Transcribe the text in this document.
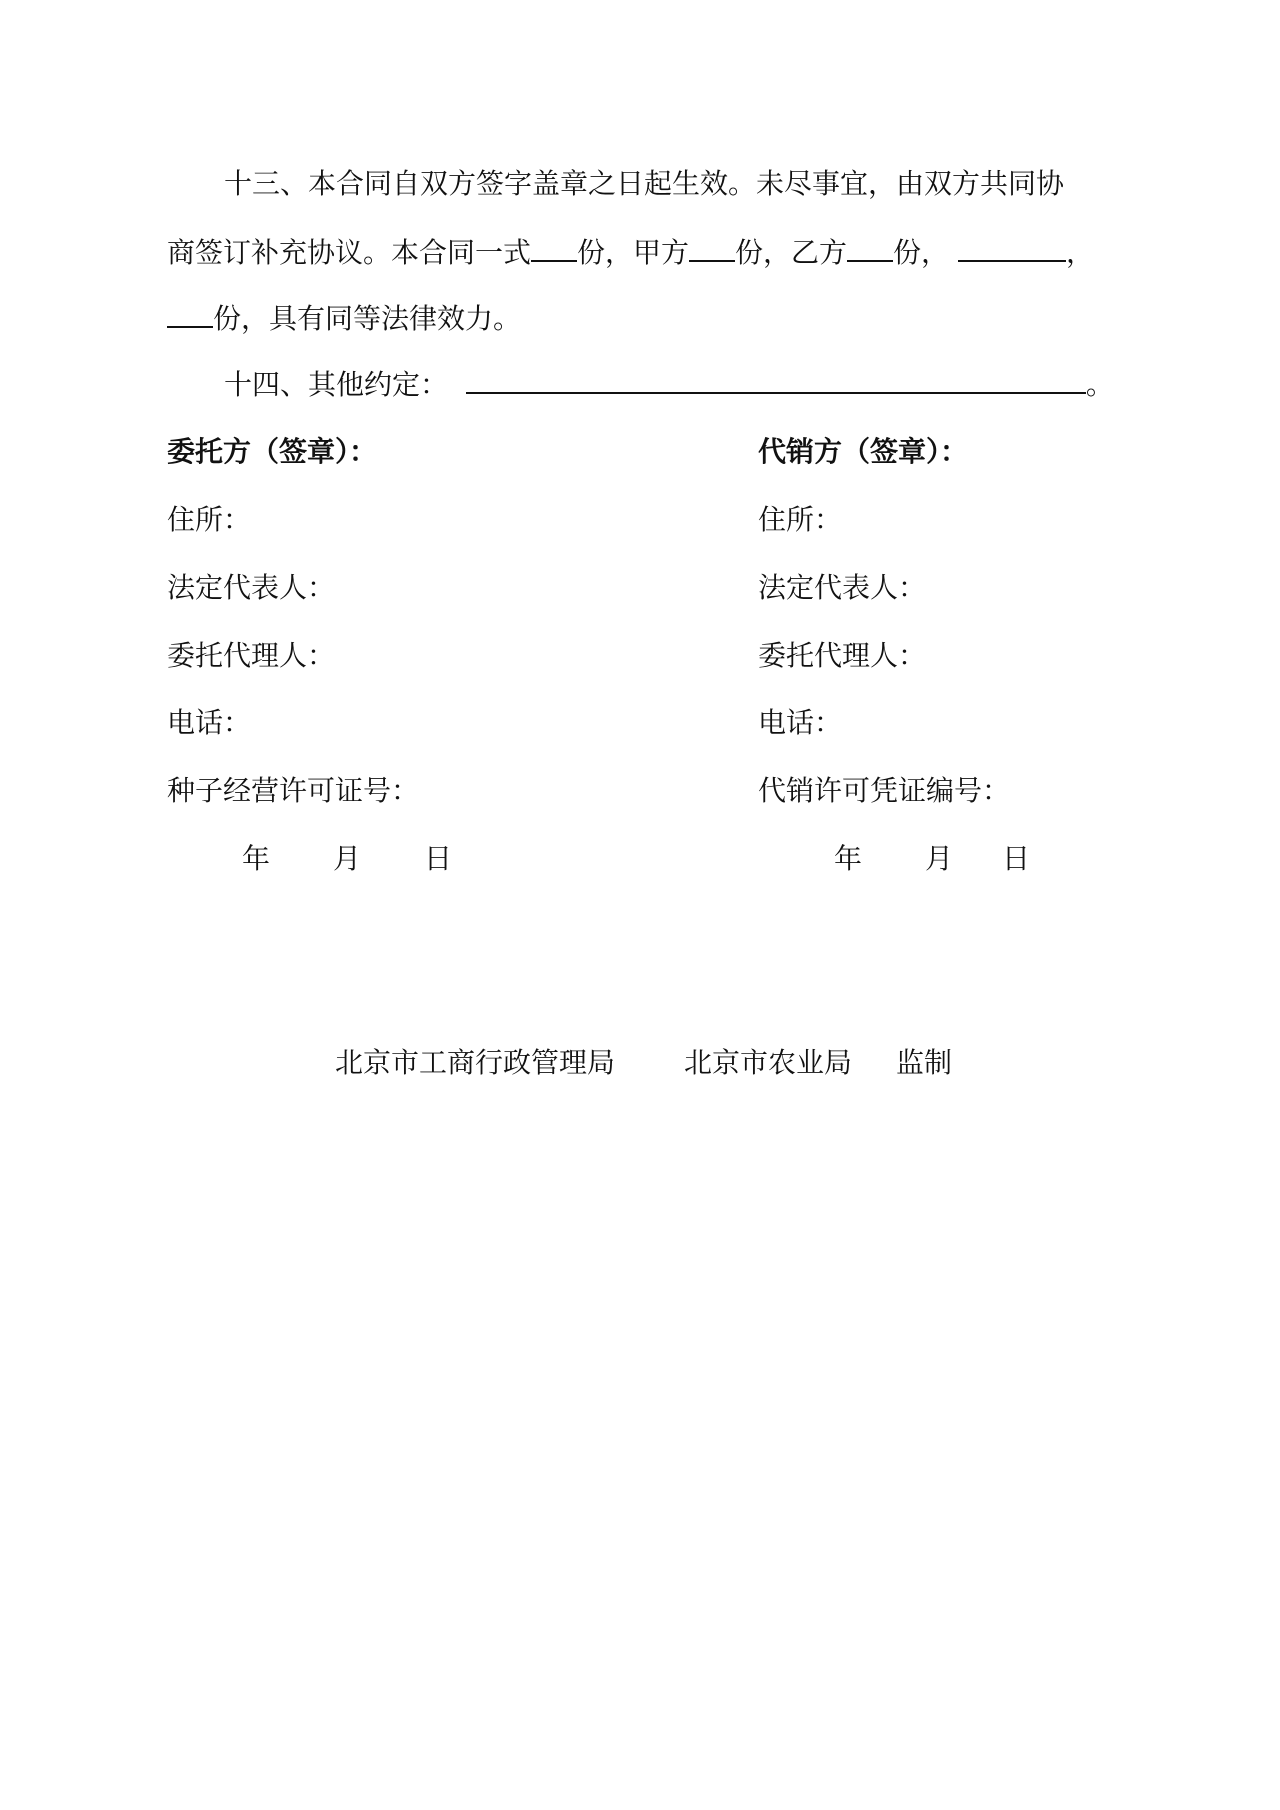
十三、本合同自双方签字盖章之日起生效。未尽事宜，由双方共同协
商签订补充协议。本合同一式 份，甲方 份，乙方 份，	，
份，具有同等法律效力。
十四、其他约定：	。
委托方（签章）：
住所：
法定代表人：
委托代理人：
电话：
种子经营许可证号：
年 月 日
代销方（签章）：
住所：
法定代表人：
委托代理人：
电话：
代销许可凭证编号：
年 月 日
北京市工商行政管理局 北京市农业局 监制
